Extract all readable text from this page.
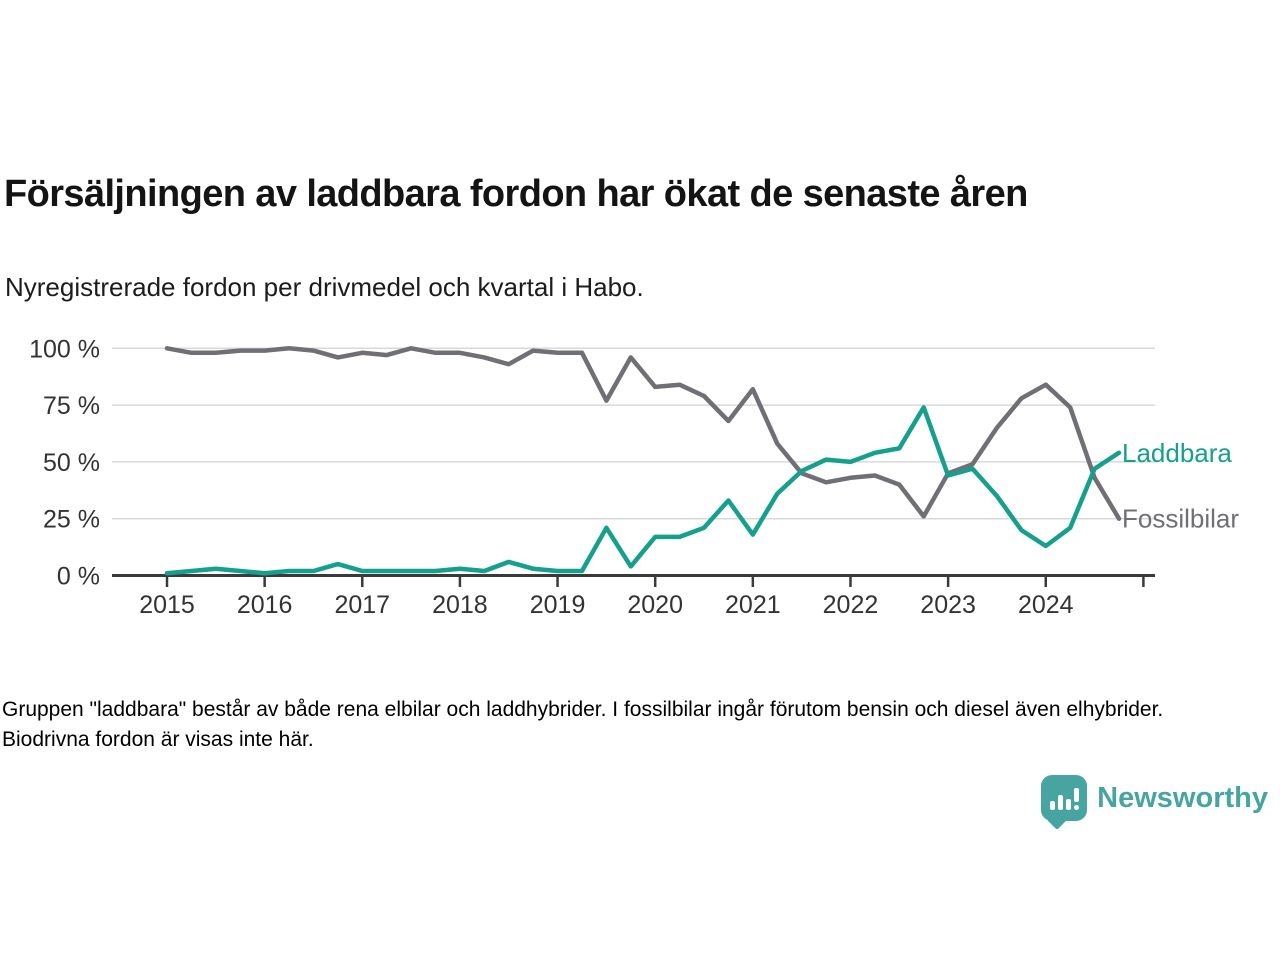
Försäljningen av laddbara fordon har ökat de senaste åren

Nyregistrerade fordon per drivmedel och kvartal i Habo.

0 %
25 %
50 %
75 %
100 %
2015 2016 2017 2018 2019 2020 2021 2022 2023 2024
Fossilbilar
Laddbara

Gruppen "laddbara" består av både rena elbilar och laddhybrider. I fossilbilar ingår förutom bensin och diesel även elhybrider. Biodrivna fordon är visas inte här.

Newsworthy
